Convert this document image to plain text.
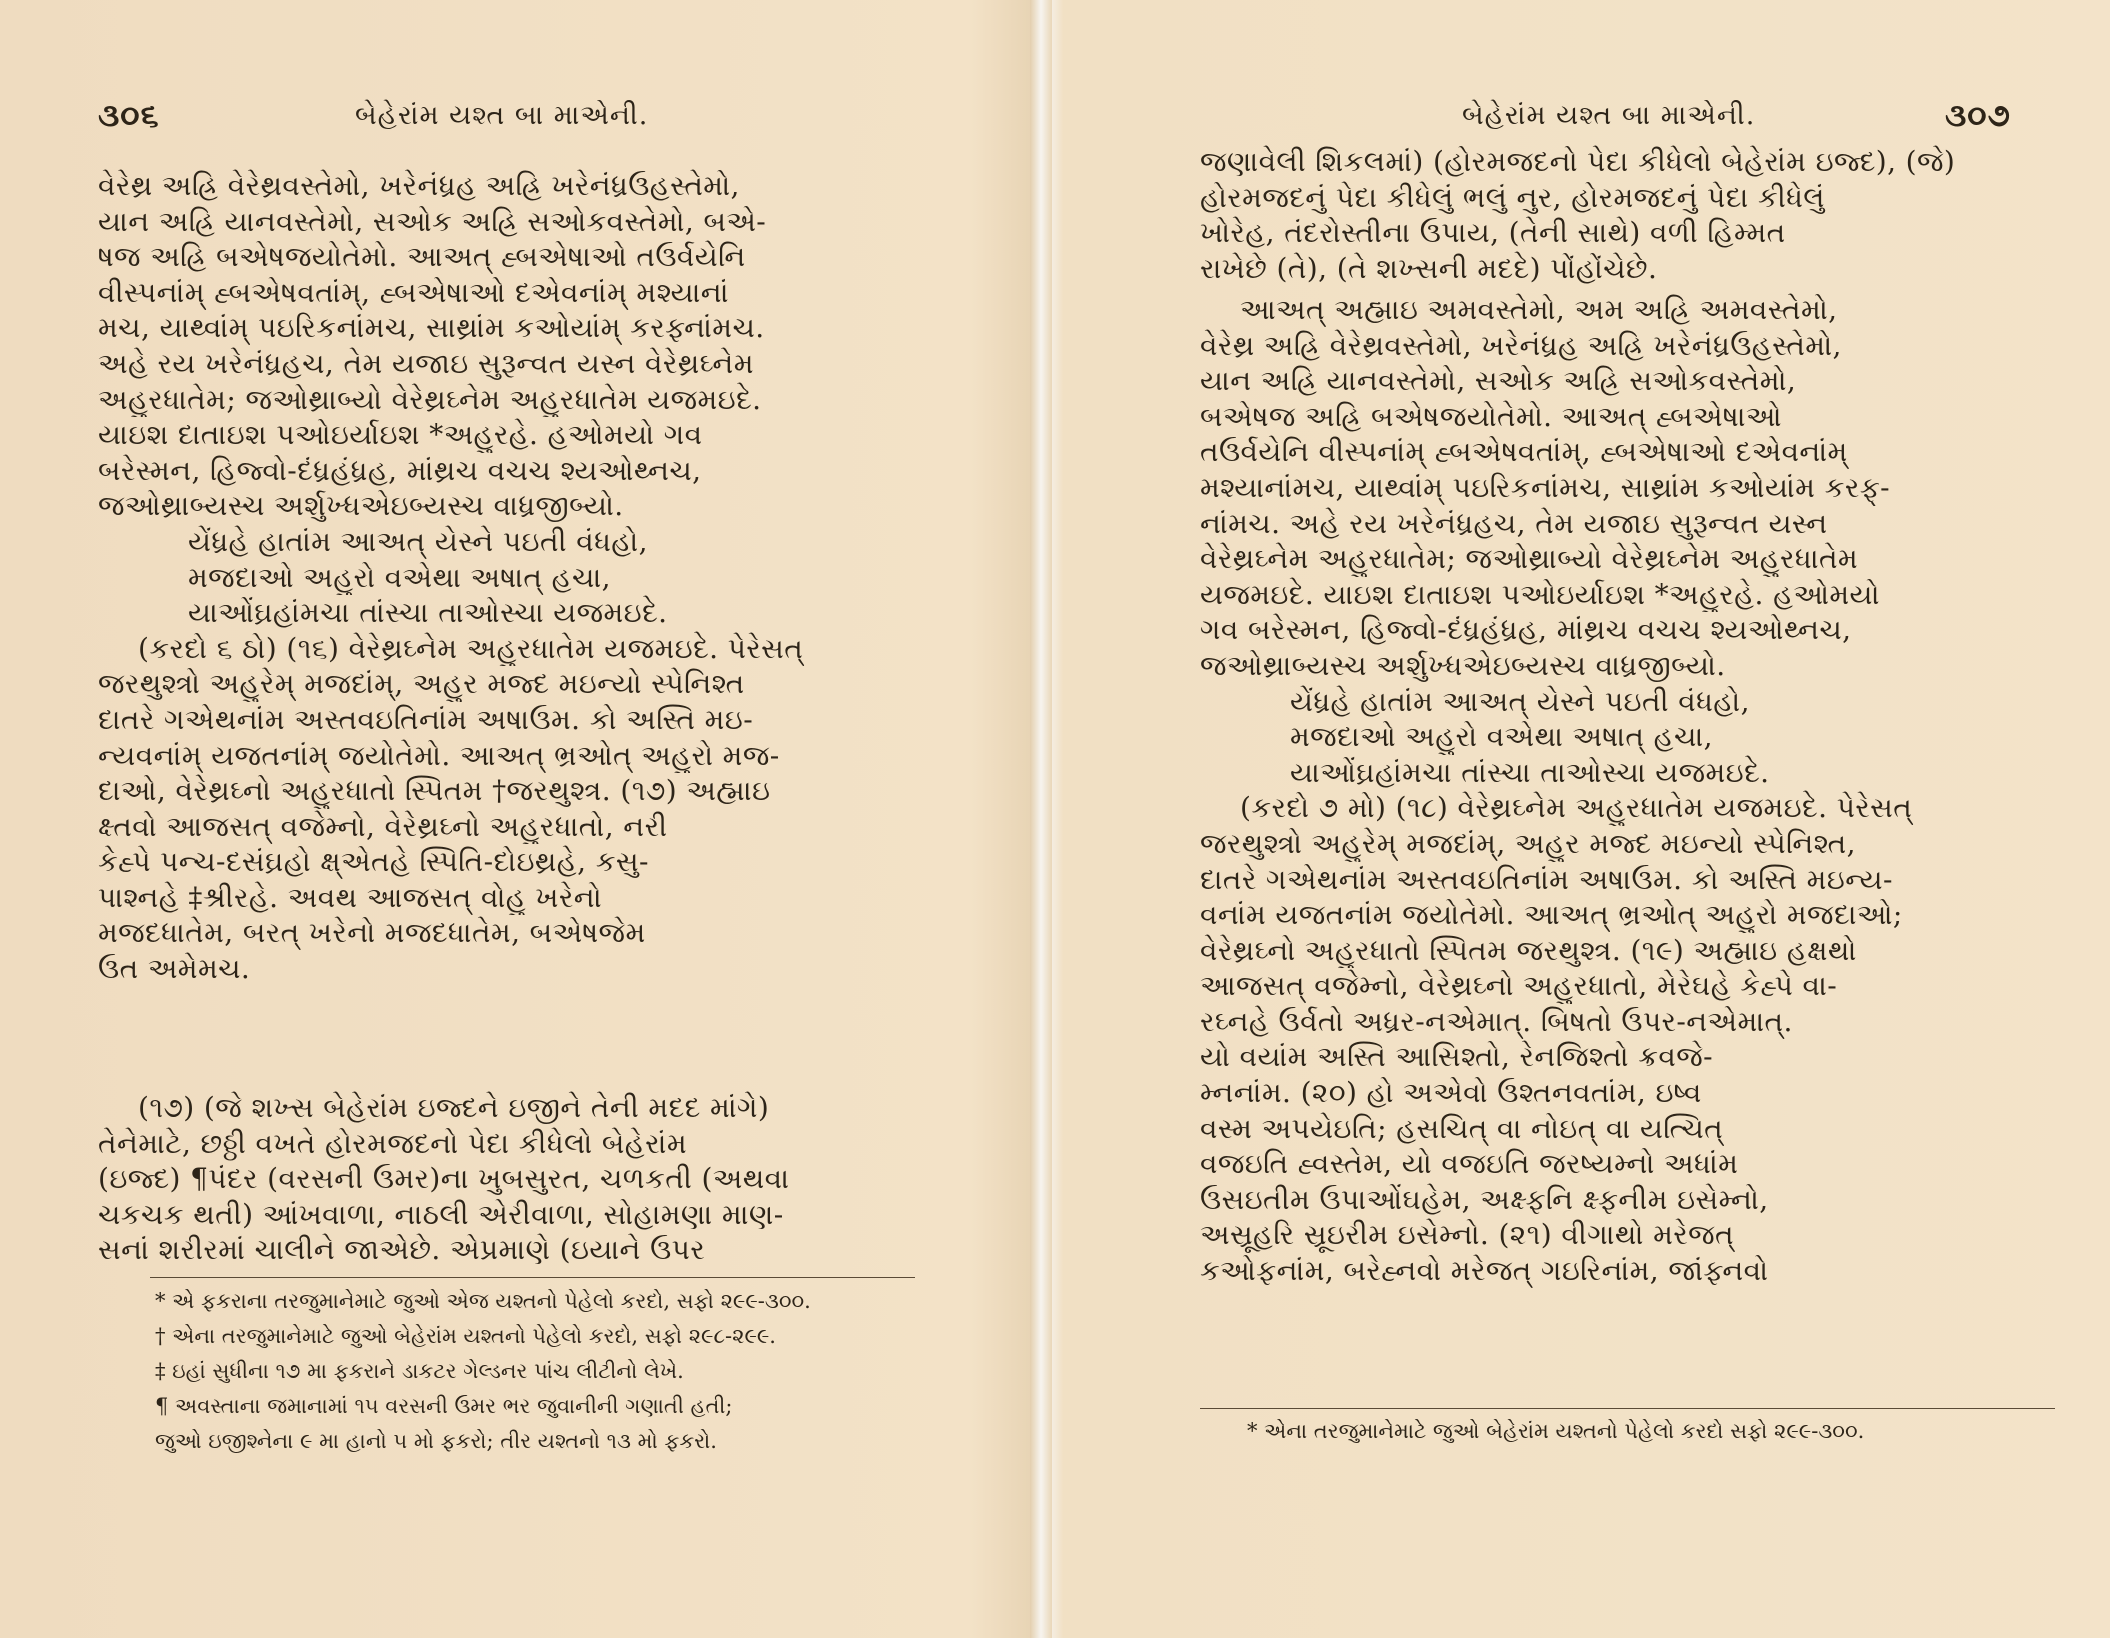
૩૦૬	બેહેરાંમ યશ્ત બા માએની.
વેરેથ્ર અહ્રિ વેરેથ્રવસ્તેમો, ખરેનંધ્રહ અહ્રિ ખરેનંધ્રઉહસ્તેમો,
યાન અહ્રિ યાનવસ્તેમો, સઓક અહ્રિ સઓકવસ્તેમો, બએ-
ષજ અહ્રિ બએષજયોતેમો. આઅત્ હ્બએષાઓ તઉર્વયેનિ
વીસ્પનાંમ્ હ્બએષવતાંમ્, હ્બએષાઓ દએવનાંમ્ મશ્યાનાં
મચ, યાથ્વાંમ્ પઇરિકનાંમચ, સાથ્રાંમ કઓયાંમ્ કરફ્નાંમચ.
અહે રય ખરેનંધ્રહચ, તેમ યજાઇ સુરૂન્વત યસ્ન વેરેથ્રઘ્નેમ
અહુરધાતેમ; જઓથ્રાબ્યો વેરેથ્રઘ્નેમ અહુરધાતેમ યજમઇદે.
યાઇશ દાતાઇશ પઓઇર્યાઇશ *અહુરહે. હઓમયો ગવ
બરેસ્મન, હિજ્વો-દંધ્રહંધ્રહ, માંથ્રચ વચચ શ્યઓથ્નચ,
જઓથ્રાબ્યસ્ચ અર્શુખ્ધએઇબ્યસ્ચ વાધ્રજીબ્યો.
યેંધ્રહે હાતાંમ આઅત્ યેસ્ને પઇતી વંધહો,
મજદાઓ અહુરો વએથા અષાત્ હચા,
યાઓંઘ્રહાંમચા તાંસ્ચા તાઓસ્ચા યજમઇદે.
(કરદો ૬ ઠો) (૧૬) વેરેથ્રઘ્નેમ અહુરધાતેમ યજમઇદે. પેરેસત્
જરથુશ્ત્રો અહુરેમ્ મજદાંમ્, અહુર મજ્દ મઇન્યો સ્પેનિશ્ત
દાતરે ગએથનાંમ અસ્તવઇતિનાંમ અષાઉમ. કો અસ્તિ મઇ-
ન્યવનાંમ્ યજતનાંમ્ જયોતેમો. આઅત્ ભ્રઓત્ અહુરો મજ-
દાઓ, વેરેથ્રઘ્નો અહુરધાતો સ્પિતમ †જરથુશ્ત્ર. (૧૭) અહ્માઇ
ક્ષ્તવો આજસત્ વજેમ્નો, વેરેથ્રઘ્નો અહુરધાતો, નરી
કેહ્પે પન્ચ-દસંઘ્રહો ક્ષ્એતહે સ્પિતિ-દોઇથ્રહે, કસુ-
પાશ્નહે ‡શ્રીરહે. અવથ આજસત્ વોહુ ખરેનો
મજદધાતેમ, બરત્ ખરેનો મજદધાતેમ, બએષજેમ
ઉત અમેમચ.
(૧૭) (જે શખ્સ બેહેરાંમ ઇજ્દને ઇજીને તેની મદદ માંગે)
તેનેમાટે, છઠ્ઠી વખતે હોરમજદનો પેદા કીધેલો બેહેરાંમ
(ઇજ્દ) ¶પંદર (વરસની ઉમર)ના ખુબસુરત, ચળકતી (અથવા
ચકચક થતી) આંખવાળા, નાઠલી એરીવાળા, સોહામણા માણ-
સનાં શરીરમાં ચાલીને જાએછે. એપ્રમાણે (ઇયાને ઉપર
* એ ફકરાના તરજુમાનેમાટે જુઓ એજ યશ્તનો પેહેલો કરદો, સફો ૨૯૯-૩૦૦.
† એના તરજુમાનેમાટે જુઓ બેહેરાંમ યશ્તનો પેહેલો કરદો, સફો ૨૯૮-૨૯૯.
‡ ઇહાં સુધીના ૧૭ મા ફકરાને ડાકટર ગેલ્ડનર પાંચ લીટીનો લેખે.
¶ અવસ્તાના જમાનામાં ૧૫ વરસની ઉમર ભર જુવાનીની ગણાતી હતી;
જુઓ ઇજીશ્નેના ૯ મા હાનો ૫ મો ફકરો; તીર યશ્તનો ૧૩ મો ફકરો.
બેહેરાંમ યશ્ત બા માએની.	૩૦૭
જણાવેલી શિકલમાં) (હોરમજદનો પેદા કીધેલો બેહેરાંમ ઇજ્દ), (જે)
હોરમજદનું પેદા કીધેલું ભલું નુર, હોરમજદનું પેદા કીધેલું
ખોરેહ, તંદરોસ્તીના ઉપાય, (તેની સાથે) વળી હિમ્મત
રાખેછે (તે), (તે શખ્સની મદદે) પોંહોંચેછે.
આઅત્ અહ્માઇ અમવસ્તેમો, અમ અહ્રિ અમવસ્તેમો,
વેરેથ્ર અહ્રિ વેરેથ્રવસ્તેમો, ખરેનંધ્રહ અહ્રિ ખરેનંધ્રઉહસ્તેમો,
યાન અહ્રિ યાનવસ્તેમો, સઓક અહ્રિ સઓકવસ્તેમો,
બએષજ અહ્રિ બએષજયોતેમો. આઅત્ હ્બએષાઓ
તઉર્વયેનિ વીસ્પનાંમ્ હ્બએષવતાંમ્, હ્બએષાઓ દએવનાંમ્
મશ્યાનાંમચ, યાથ્વાંમ્ પઇરિકનાંમચ, સાથ્રાંમ કઓયાંમ કરફ્-
નાંમચ. અહે રય ખરેનંધ્રહચ, તેમ યજાઇ સુરૂન્વત યસ્ન
વેરેથ્રઘ્નેમ અહુરધાતેમ; જઓથ્રાબ્યો વેરેથ્રઘ્નેમ અહુરધાતેમ
યજમઇદે. યાઇશ દાતાઇશ પઓઇર્યાઇશ *અહુરહે. હઓમયો
ગવ બરેસ્મન, હિજ્વો-દંધ્રહંધ્રહ, માંથ્રચ વચચ શ્યઓથ્નચ,
જઓથ્રાબ્યસ્ચ અર્શુખ્ધએઇબ્યસ્ચ વાધ્રજીબ્યો.
યેંધ્રહે હાતાંમ આઅત્ યેસ્ને પઇતી વંધહો,
મજદાઓ અહુરો વએથા અષાત્ હચા,
યાઓંઘ્રહાંમચા તાંસ્ચા તાઓસ્ચા યજમઇદે.
(કરદો ૭ મો) (૧૮) વેરેથ્રઘ્નેમ અહુરધાતેમ યજમઇદે. પેરેસત્
જરથુશ્ત્રો અહુરેમ્ મજદાંમ્, અહુર મજ્દ મઇન્યો સ્પેનિશ્ત,
દાતરે ગએથનાંમ અસ્તવઇતિનાંમ અષાઉમ. કો અસ્તિ મઇન્ય-
વનાંમ યજતનાંમ જયોતેમો. આઅત્ ભ્રઓત્ અહુરો મજદાઓ;
વેરેથ્રઘ્નો અહુરધાતો સ્પિતમ જરથુશ્ત્ર. (૧૯) અહ્માઇ હક્ષથો
આજસત્ વજેમ્નો, વેરેથ્રઘ્નો અહુરધાતો, મેરેઘહે કેહ્પે વા-
રઘ્નહે ઉર્વતો અધ્રર-નએમાત્. બિષતો ઉપર-નએમાત્.
યો વયાંમ અસ્તિ આસિશ્તો, રેનજિશ્તો ક્રવજે-
મ્નનાંમ. (૨૦) હો અએવો ઉશ્તનવતાંમ, ઇષ્વ
વસ્મ અપયેઇતિ; હસચિત્ વા નોઇત્ વા યત્ચિત્
વજઇતિ હ્વસ્તેમ, યો વજઇતિ જરષ્યમ્નો અધાંમ
ઉસઇતીમ ઉપાઓંઘહેમ, અક્ષ્ફનિ ક્ષ્ફનીમ ઇસેમ્નો,
અસ્રૂહરિ સ્રૂઇરીમ ઇસેમ્નો. (૨૧) વીગાથો મરેજત્
કઓફનાંમ, બરેહ્નવો મરેજત્ ગઇરિનાંમ, જાંફ્નવો
* એના તરજુમાનેમાટે જુઓ બેહેરાંમ યશ્તનો પેહેલો કરદો સફો ૨૯૯-૩૦૦.
